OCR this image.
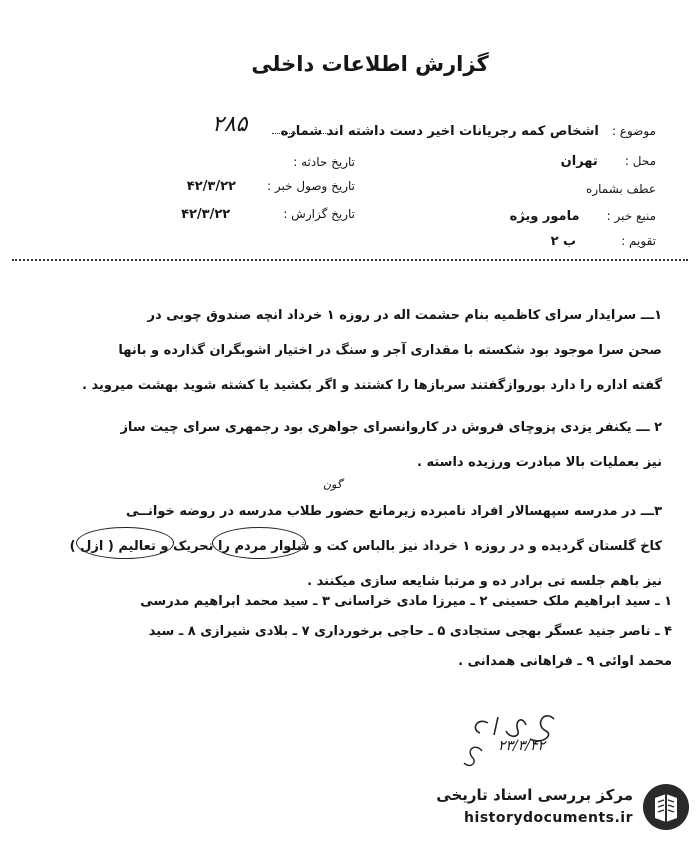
گزارش اطلاعات داخلی
موضوع : اشخاص کمه رجریانات اخیر دست داشته اند شماره
۲۸۵
محل : تهران
عطف بشماره
منبع خبر : مامور ویژه
تقویم : ب ۲
تاریخ حادثه :
تاریخ وصول خبر : ۴۲/۳/۲۲
تاریخ گزارش : ۴۲/۳/۲۲

۱ـــ سرایدار سرای کاظمیه بنام حشمت اله در روزه ۱ خرداد انچه صندوق چوبی در

صحن سرا موجود بود شکسته با مقداری آجر و سنگ در اختیار اشوبگران گذارده و بانها

گفته اداره را دارد بوروازگفتند سربازها را کشتند و اگر بکشید یا کشته شوید بهشت میروید .

۲ ـــ یکنفر یزدی پزوچای فروش در کاروانسرای جواهری بود رجمهری سرای چیت ساز

نیز بعملیات بالا مبادرت ورزیده داسته .

گون

۳ـــ در مدرسه سپهسالار افراد نامبرده زیرمانع حضور طلاب مدرسه در روضه خوانــی

کاخ گلستان گردیده و در روزه ۱ خرداد نیز بالباس کت و شلوار مردم را تحریک و تعالیم ( ازل )

نیز باهم جلسه تی برادر ده و مرتبا شایعه سازی میکنند .

۱ ـ سید ابراهیم ملک حسینی ۲ ـ میرزا مادی خراسانی ۳ ـ سید محمد ابراهیم مدرسی
۴ ـ ناصر جنید عسگر بهجی ستجادی ۵ ـ حاجی برخورداری ۷ ـ بلادی شیرازی ۸ ـ سید
محمد اوائی ۹ ـ فراهانی همدانی .
۲۳/۳/۴۲
مرکز بررسی اسناد تاریخی
historydocuments.ir
